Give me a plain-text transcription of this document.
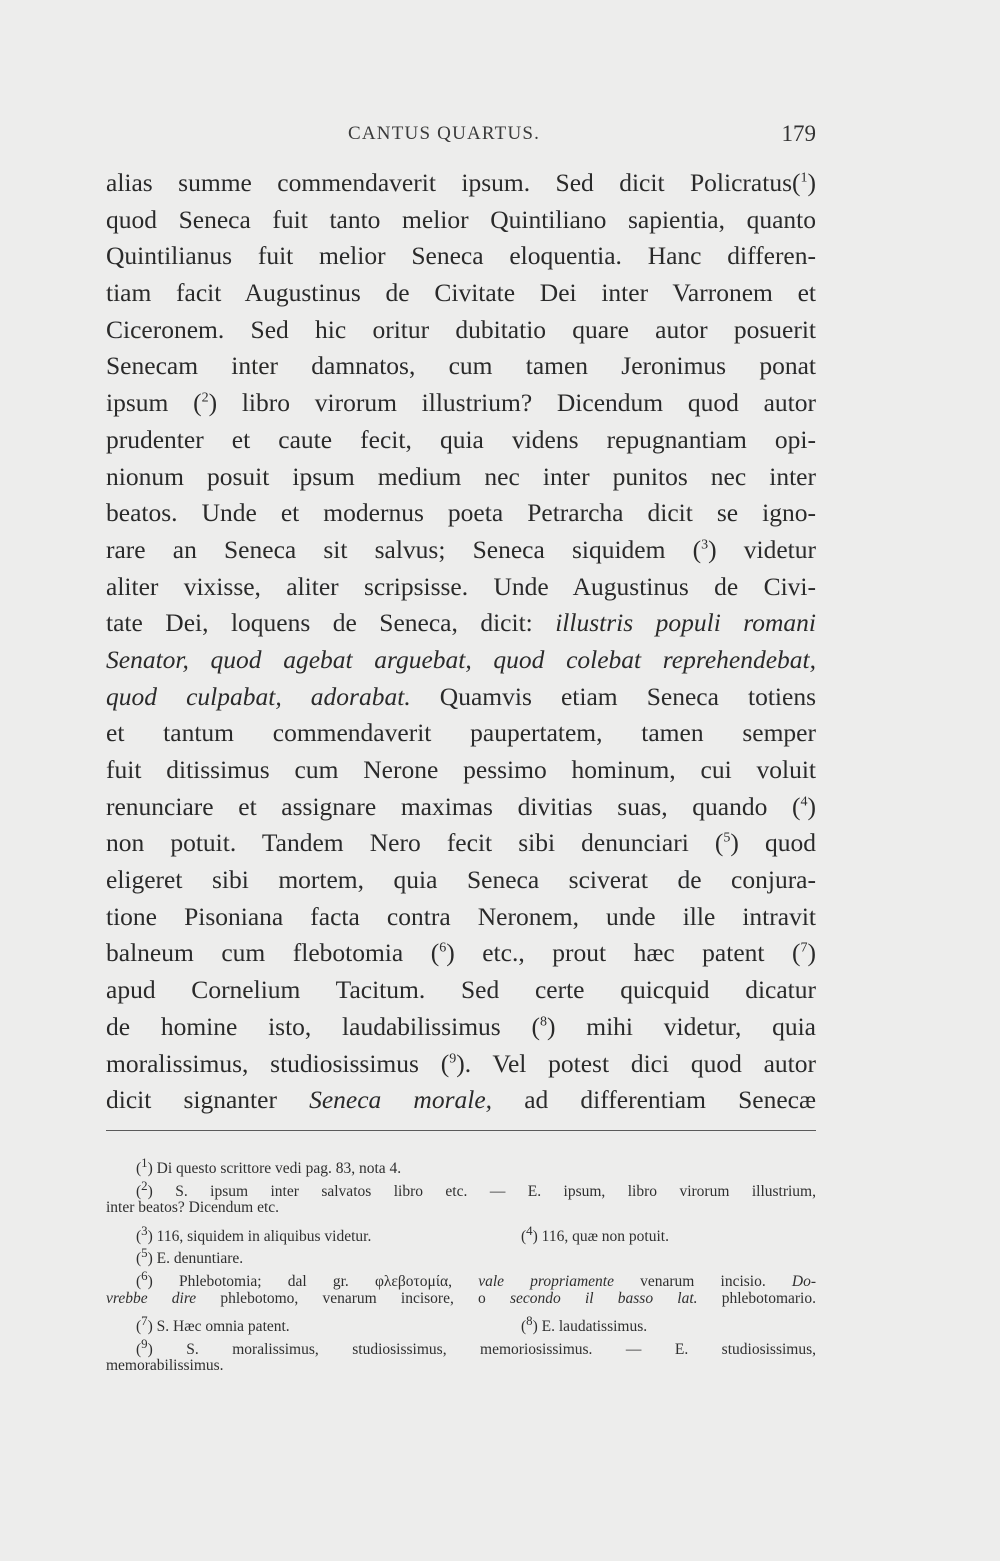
CANTUS QUARTUS.	179
alias summe commendaverit ipsum. Sed dicit Policratus($^1$)
quod Seneca fuit tanto melior Quintiliano sapientia, quanto
Quintilianus fuit melior Seneca eloquentia. Hanc differen-
tiam facit Augustinus de Civitate Dei inter Varronem et
Ciceronem. Sed hic oritur dubitatio quare autor posuerit
Senecam inter damnatos, cum tamen Jeronimus ponat
ipsum ($^2$) libro virorum illustrium? Dicendum quod autor
prudenter et caute fecit, quia videns repugnantiam opi-
nionum posuit ipsum medium nec inter punitos nec inter
beatos. Unde et modernus poeta Petrarcha dicit se igno-
rare an Seneca sit salvus; Seneca siquidem ($^3$) videtur
aliter vixisse, aliter scripsisse. Unde Augustinus de Civi-
tate Dei, loquens de Seneca, dicit: illustris populi romani
Senator, quod agebat arguebat, quod colebat reprehendebat,
quod culpabat, adorabat. Quamvis etiam Seneca totiens
et tantum commendaverit paupertatem, tamen semper
fuit ditissimus cum Nerone pessimo hominum, cui voluit
renunciare et assignare maximas divitias suas, quando ($^4$)
non potuit. Tandem Nero fecit sibi denunciari ($^5$) quod
eligeret sibi mortem, quia Seneca sciverat de conjura-
tione Pisoniana facta contra Neronem, unde ille intravit
balneum cum flebotomia ($^6$) etc., prout hæc patent ($^7$)
apud Cornelium Tacitum. Sed certe quicquid dicatur
de homine isto, laudabilissimus ($^8$) mihi videtur, quia
moralissimus, studiosissimus ($^9$). Vel potest dici quod autor
dicit signanter Seneca morale, ad differentiam Senecæ
($^1$) Di questo scrittore vedi pag. 83, nota 4.
($^2$) S. ipsum inter salvatos libro etc. — E. ipsum, libro virorum illustrium,
inter beatos? Dicendum etc.
($^3$) 116, siquidem in aliquibus videtur.	($^4$) 116, quæ non potuit.
($^5$) E. denuntiare.
($^6$) Phlebotomia; dal gr. φλεβοτομία, vale propriamente venarum incisio. Do-
vrebbe dire phlebotomo, venarum incisore, o secondo il basso lat. phlebotomario.
($^7$) S. Hæc omnia patent.	($^8$) E. laudatissimus.
($^9$) S. moralissimus, studiosissimus, memoriosissimus. — E. studiosissimus,
memorabilissimus.
